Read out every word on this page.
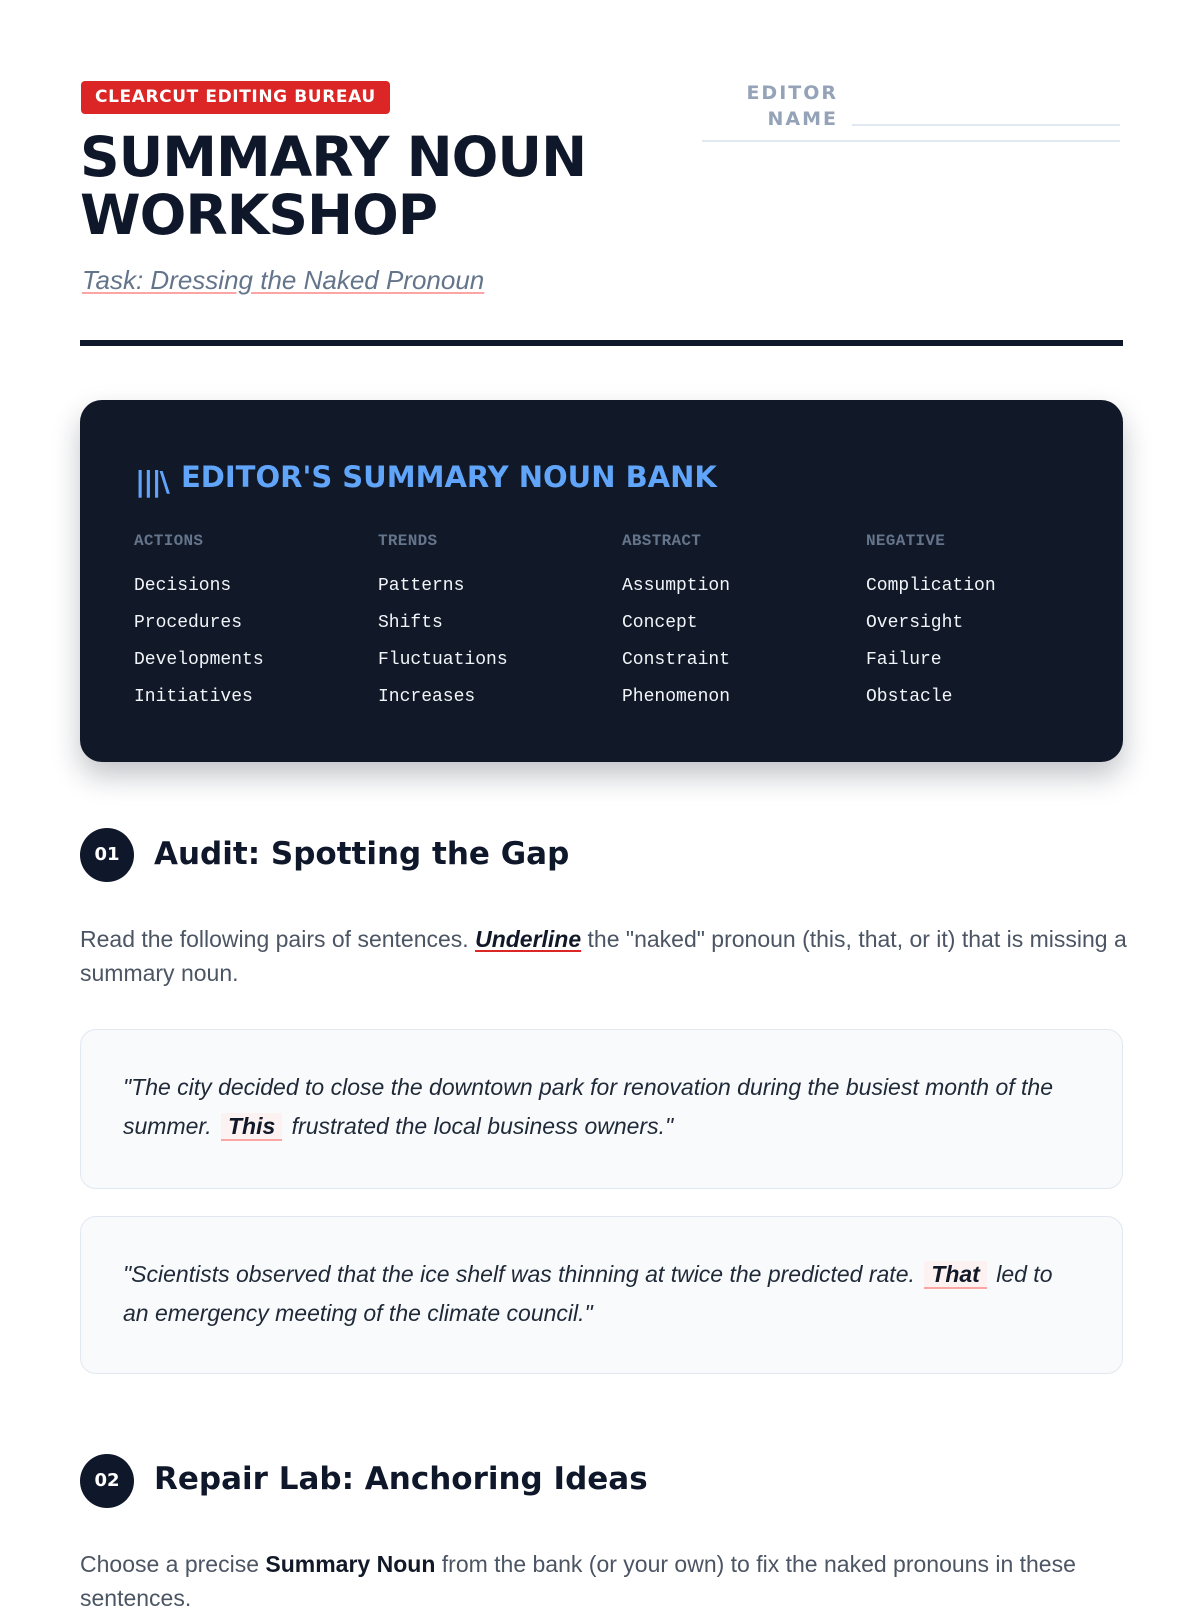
CLEARCUT EDITING BUREAU
SUMMARY NOUN WORKSHOP
Task: Dressing the Naked Pronoun
EDITOR NAME
|||\ EDITOR'S SUMMARY NOUN BANK
ACTIONS
Decisions
Procedures
Developments
Initiatives
TRENDS
Patterns
Shifts
Fluctuations
Increases
ABSTRACT
Assumption
Concept
Constraint
Phenomenon
NEGATIVE
Complication
Oversight
Failure
Obstacle
01	Audit: Spotting the Gap

Read the following pairs of sentences. Underline the "naked" pronoun (this, that, or it) that is missing a summary noun.

"The city decided to close the downtown park for renovation during the busiest month of the summer. This frustrated the local business owners."

"Scientists observed that the ice shelf was thinning at twice the predicted rate. That led to an emergency meeting of the climate council."

02	Repair Lab: Anchoring Ideas

Choose a precise Summary Noun from the bank (or your own) to fix the naked pronouns in these sentences.
